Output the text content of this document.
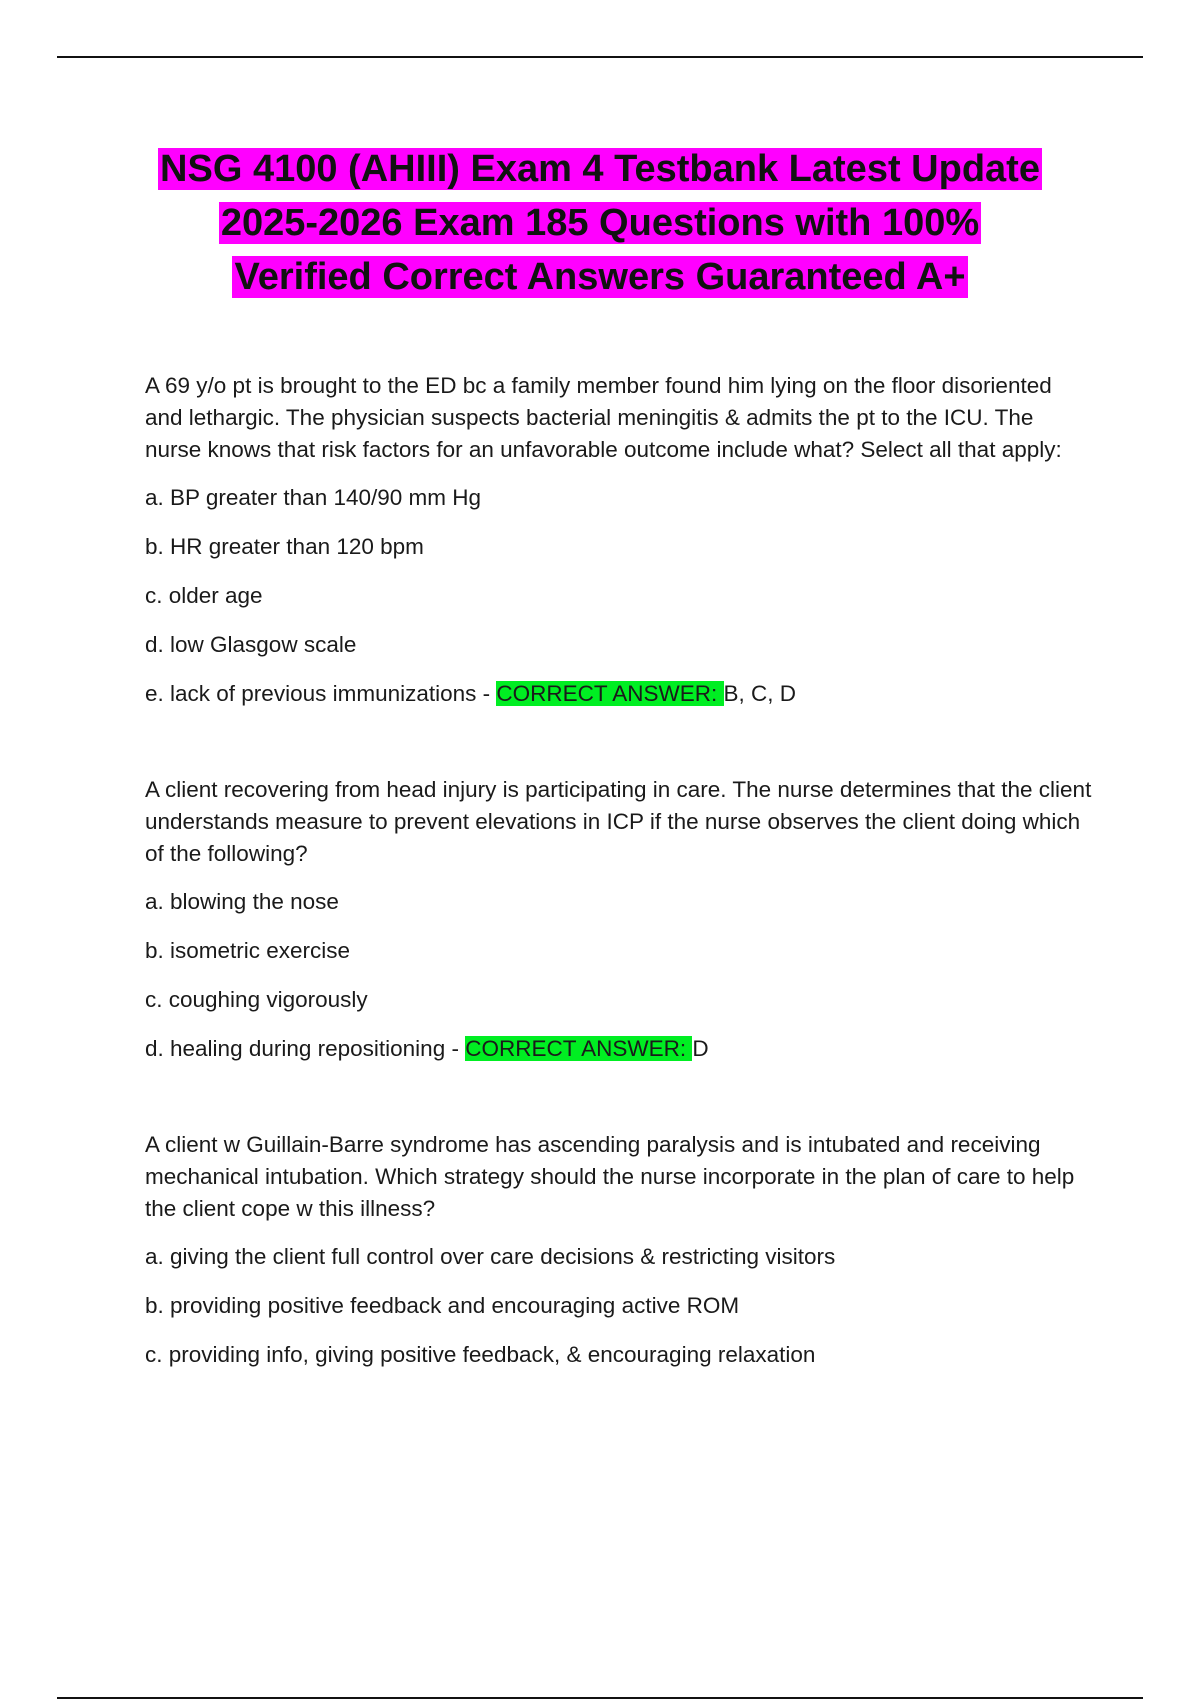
NSG 4100 (AHIII) Exam 4 Testbank Latest Update
2025-2026 Exam 185 Questions with 100%
Verified Correct Answers Guaranteed A+

A 69 y/o pt is brought to the ED bc a family member found him lying on the floor disoriented and lethargic. The physician suspects bacterial meningitis & admits the pt to the ICU. The nurse knows that risk factors for an unfavorable outcome include what? Select all that apply:

a. BP greater than 140/90 mm Hg

b. HR greater than 120 bpm

c. older age

d. low Glasgow scale

e. lack of previous immunizations - CORRECT ANSWER: B, C, D

A client recovering from head injury is participating in care. The nurse determines that the client understands measure to prevent elevations in ICP if the nurse observes the client doing which of the following?

a. blowing the nose

b. isometric exercise

c. coughing vigorously

d. healing during repositioning - CORRECT ANSWER: D

A client w Guillain-Barre syndrome has ascending paralysis and is intubated and receiving mechanical intubation. Which strategy should the nurse incorporate in the plan of care to help the client cope w this illness?

a. giving the client full control over care decisions & restricting visitors

b. providing positive feedback and encouraging active ROM

c. providing info, giving positive feedback, & encouraging relaxation
